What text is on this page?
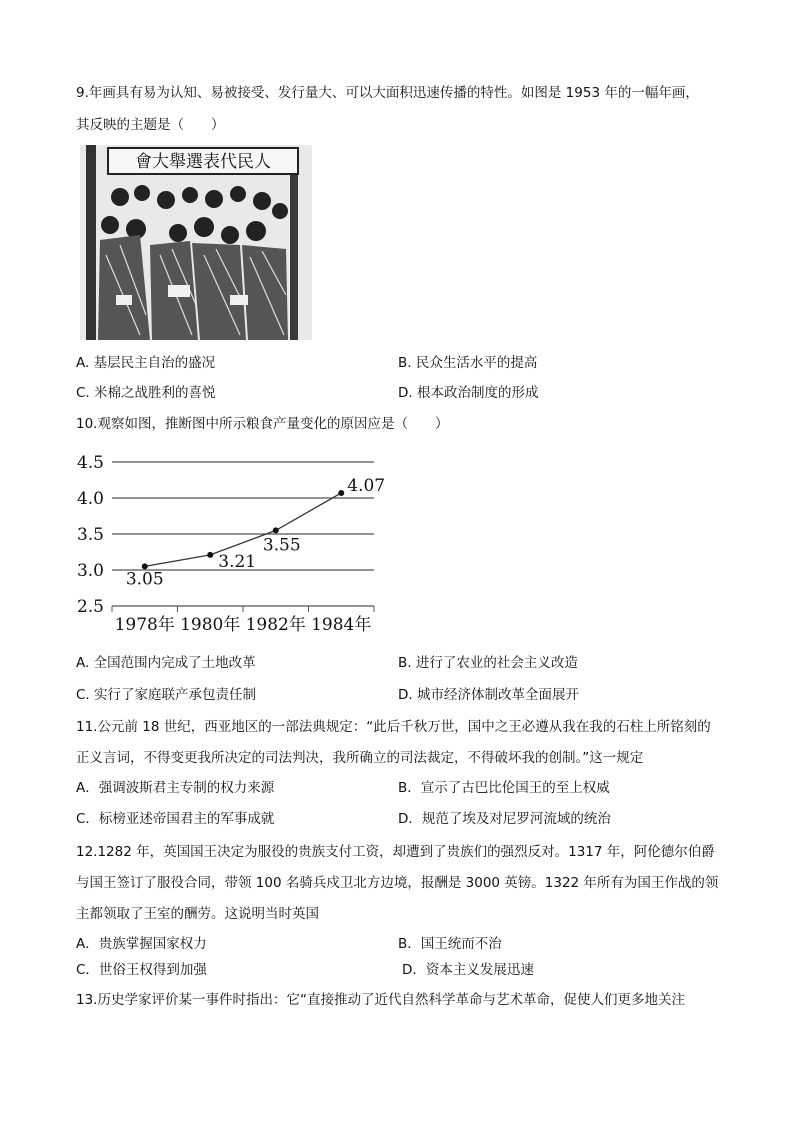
9.年画具有易为认知、易被接受、发行量大、可以大面积迅速传播的特性。如图是 1953 年的一幅年画，
其反映的主题是（　　）
會大舉選表代民人
A. 基层民主自治的盛况	B. 民众生活水平的提高
C. 米棉之战胜利的喜悦	D. 根本政治制度的形成
10.观察如图，推断图中所示粮食产量变化的原因应是（　　）
2.5
3.0
3.5
4.0
4.5
1978年 1980年 1982年 1984年
3.05
3.21
3.55
4.07
A. 全国范围内完成了土地改革	B. 进行了农业的社会主义改造
C. 实行了家庭联产承包责任制	D. 城市经济体制改革全面展开
11.公元前 18 世纪，西亚地区的一部法典规定：“此后千秋万世，国中之王必遵从我在我的石柱上所铭刻的
正义言词，不得变更我所决定的司法判决，我所确立的司法裁定，不得破坏我的创制。”这一规定
A．强调波斯君主专制的权力来源	B．宣示了古巴比伦国王的至上权威
C．标榜亚述帝国君主的军事成就	D．规范了埃及对尼罗河流域的统治
12.1282 年，英国国王决定为服役的贵族支付工资，却遭到了贵族们的强烈反对。1317 年，阿伦德尔伯爵
与国王签订了服役合同，带领 100 名骑兵戍卫北方边境，报酬是 3000 英镑。1322 年所有为国王作战的领
主都领取了王室的酬劳。这说明当时英国
A．贵族掌握国家权力	B．国王统而不治
C．世俗王权得到加强	D．资本主义发展迅速
13.历史学家评价某一事件时指出：它“直接推动了近代自然科学革命与艺术革命，促使人们更多地关注
